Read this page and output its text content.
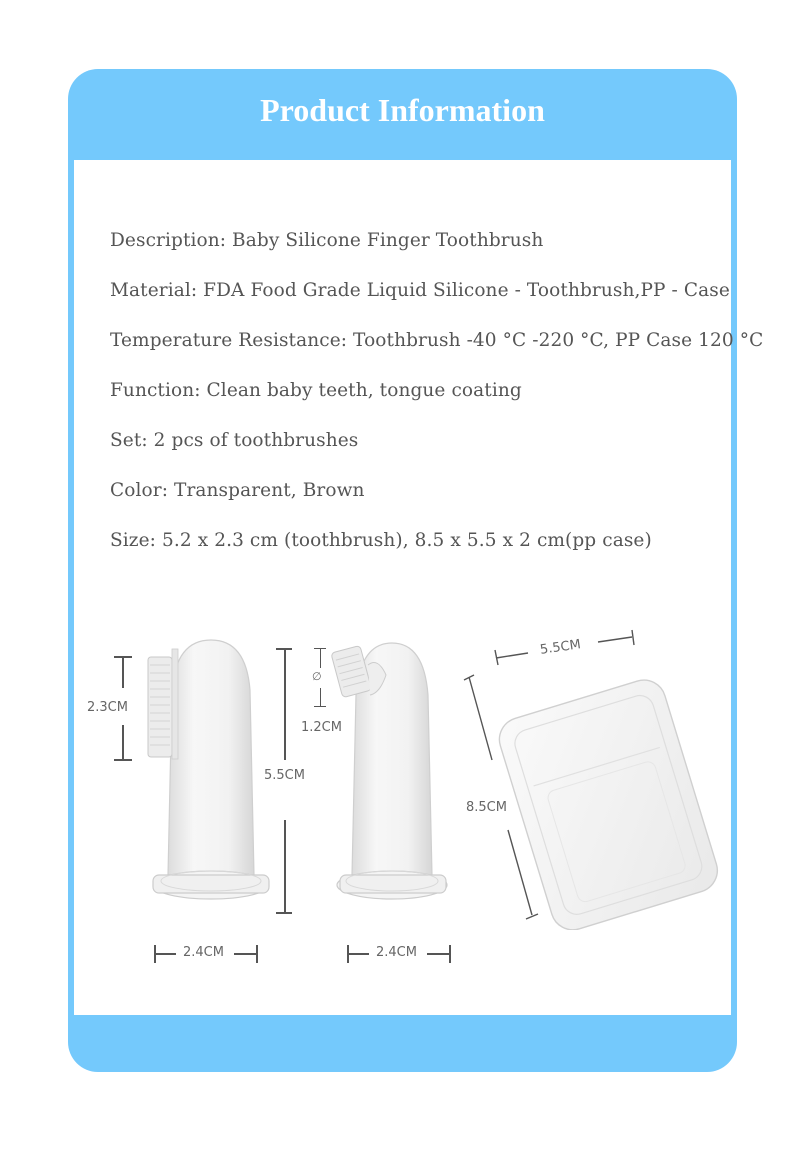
Product Information
Description: Baby Silicone Finger Toothbrush
Material: FDA Food Grade Liquid Silicone - Toothbrush,PP - Case
Temperature Resistance: Toothbrush -40 °C -220 °C, PP Case 120 °C
Function: Clean baby teeth, tongue coating
Set: 2 pcs of toothbrushes
Color: Transparent, Brown
Size: 5.2 x 2.3 cm (toothbrush), 8.5 x 5.5 x 2 cm(pp case)
2.3CM
5.5CM
2.4CM
∅
1.2CM
2.4CM
5.5CM
8.5CM
